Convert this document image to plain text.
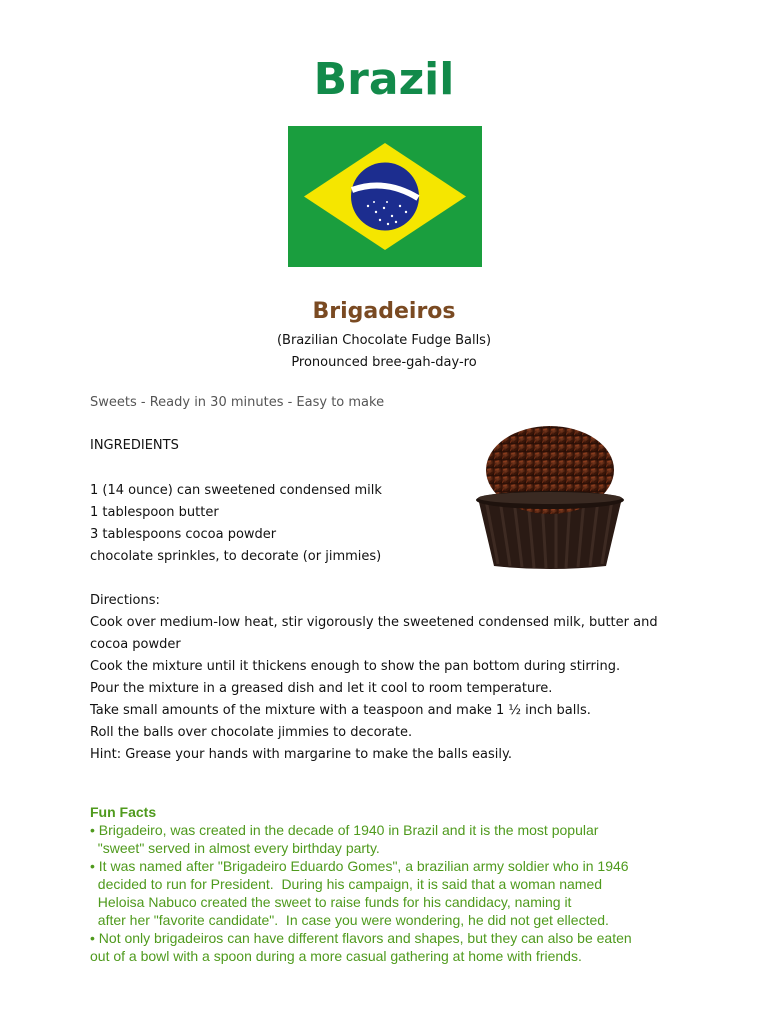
Brazil
Brigadeiros
(Brazilian Chocolate Fudge Balls)
Pronounced bree-gah-day-ro
Sweets - Ready in 30 minutes - Easy to make
INGREDIENTS
1 (14 ounce) can sweetened condensed milk
1 tablespoon butter
3 tablespoons cocoa powder
chocolate sprinkles, to decorate (or jimmies)
Directions:
Cook over medium-low heat, stir vigorously the sweetened condensed milk, butter and cocoa powder
Cook the mixture until it thickens enough to show the pan bottom during stirring.
Pour the mixture in a greased dish and let it cool to room temperature.
Take small amounts of the mixture with a teaspoon and make 1 ½ inch balls.
Roll the balls over chocolate jimmies to decorate.
Hint: Grease your hands with margarine to make the balls easily.
Fun Facts
• Brigadeiro, was created in the decade of 1940 in Brazil and it is the most popular
"sweet" served in almost every birthday party.
• It was named after "Brigadeiro Eduardo Gomes", a brazilian army soldier who in 1946
decided to run for President.  During his campaign, it is said that a woman named
Heloisa Nabuco created the sweet to raise funds for his candidacy, naming it
after her "favorite candidate".  In case you were wondering, he did not get ellected.
• Not only brigadeiros can have different flavors and shapes, but they can also be eaten
out of a bowl with a spoon during a more casual gathering at home with friends.
